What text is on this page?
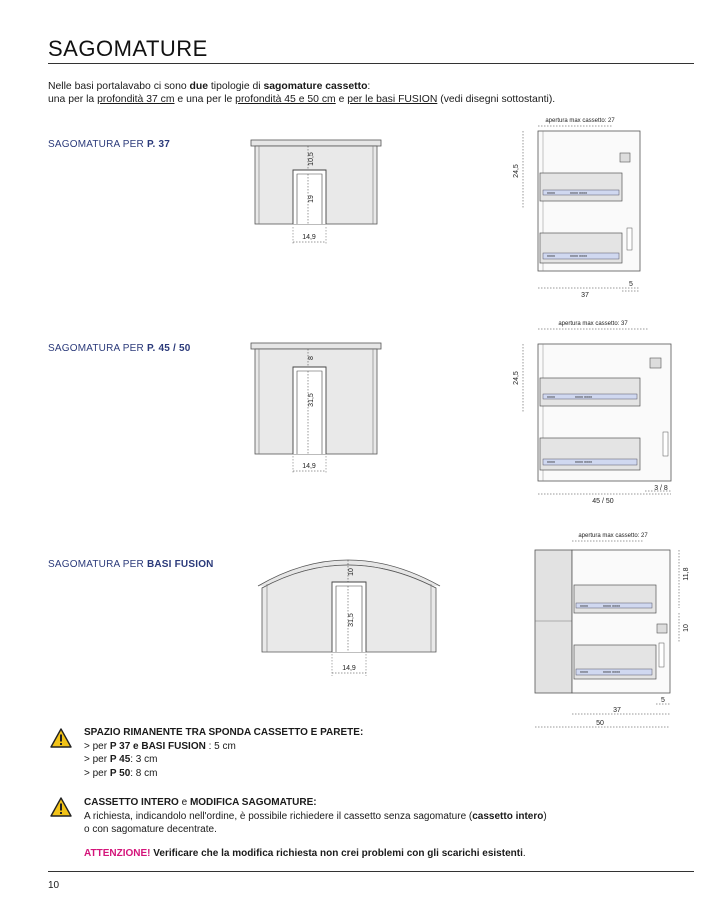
SAGOMATURE
Nelle basi portalavabo ci sono due tipologie di sagomature cassetto:
una per la profondità 37 cm e una per le profondità 45 e 50 cm e per le basi FUSION (vedi disegni sottostanti).
SAGOMATURA PER P. 37
SAGOMATURA PER P. 45 / 50
SAGOMATURA PER BASI FUSION
10,5
19
14,9
apertura max cassetto: 27
xxxx	xxxx xxxx
xxxx	xxxx xxxx
24,5
37
5
8
31,5
14,9
apertura max cassetto: 37
xxxx	xxxx xxxx
xxxx	xxxx xxxx
24,5
45 / 50
3 / 8
10
31,5
14,9
apertura max cassetto: 27
xxxx	xxxx xxxx
xxxx	xxxx xxxx
11,8
10
5
37
50
SPAZIO RIMANENTE TRA SPONDA CASSETTO E PARETE:
> per P 37 e BASI FUSION : 5 cm
> per P 45: 3 cm
> per P 50: 8 cm
CASSETTO INTERO e MODIFICA SAGOMATURE:
A richiesta, indicandolo nell'ordine, è possibile richiedere il cassetto senza sagomature (cassetto intero)
o con sagomature decentrate.
ATTENZIONE! Verificare che la modifica richiesta non crei problemi con gli scarichi esistenti.
10
